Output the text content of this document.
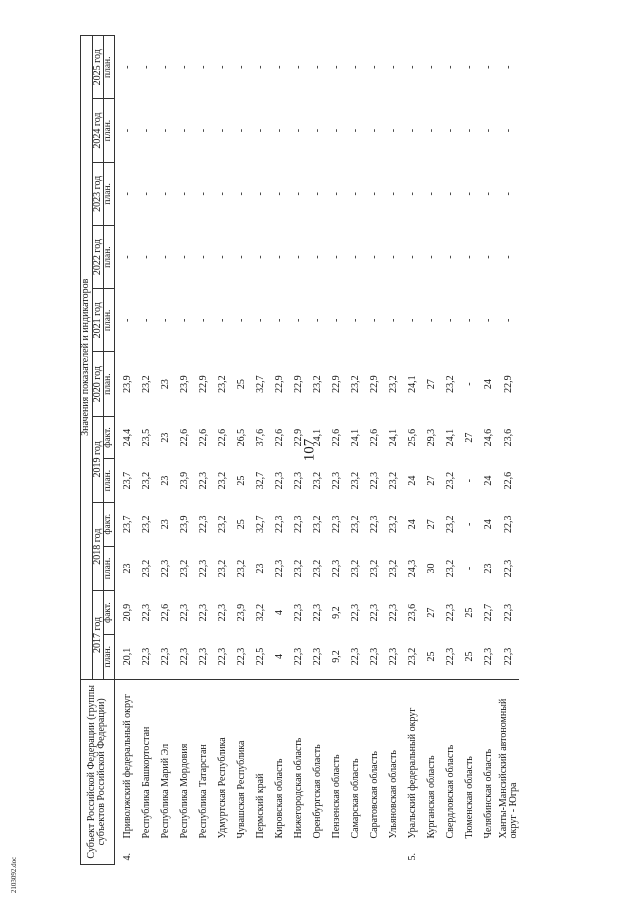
107
2103092.doc
Субъект Российской Федерации (группы субъектов Российской Федерации)		Значения показателей и индикаторов											
		2017 год		2018 год		2019 год		2020 год	2021 год	2022 год	2023 год	2024 год	2025 год
		план.	факт.	план.	факт.	план.	факт.	план.	план.	план.	план.	план.	план.
4.	Приволжский федеральный округ	20,1	20,9	23	23,7	23,7	24,4	23,9	-	-	-	-	-
	Республика Башкортостан	22,3	22,3	23,2	23,2	23,2	23,5	23,2	-	-	-	-	-
	Республика Марий Эл	22,3	22,6	22,3	23	23	23	23	-	-	-	-	-
	Республика Мордовия	22,3	22,3	23,2	23,9	23,9	22,6	23,9	-	-	-	-	-
	Республика Татарстан	22,3	22,3	22,3	22,3	22,3	22,6	22,9	-	-	-	-	-
	Удмуртская Республика	22,3	22,3	23,2	23,2	23,2	22,6	23,2	-	-	-	-	-
	Чувашская Республика	22,3	23,9	23,2	25	25	26,5	25	-	-	-	-	-
	Пермский край	22,5	32,2	23	32,7	32,7	37,6	32,7	-	-	-	-	-
	Кировская область	4	4	22,3	22,3	22,3	22,6	22,9	-	-	-	-	-
	Нижегородская область	22,3	22,3	23,2	22,3	22,3	22,9	22,9	-	-	-	-	-
	Оренбургская область	22,3	22,3	23,2	23,2	23,2	24,1	23,2	-	-	-	-	-
	Пензенская область	9,2	9,2	22,3	22,3	22,3	22,6	22,9	-	-	-	-	-
	Самарская область	22,3	22,3	23,2	23,2	23,2	24,1	23,2	-	-	-	-	-
	Саратовская область	22,3	22,3	23,2	22,3	22,3	22,6	22,9	-	-	-	-	-
	Ульяновская область	22,3	22,3	23,2	23,2	23,2	24,1	23,2	-	-	-	-	-
5.	Уральский федеральный округ	23,2	23,6	24,3	24	24	25,6	24,1	-	-	-	-	-
	Курганская область	25	27	30	27	27	29,3	27	-	-	-	-	-
	Свердловская область	22,3	22,3	23,2	23,2	23,2	24,1	23,2	-	-	-	-	-
	Тюменская область	25	25	-	-	-	27	-	-	-	-	-	-
	Челябинская область	22,3	22,7	23	24	24	24,6	24	-	-	-	-	-
	Ханты-Мансийский автономный округ - Югра	22,3	22,3	22,3	22,3	22,6	23,6	22,9	-	-	-	-	-
